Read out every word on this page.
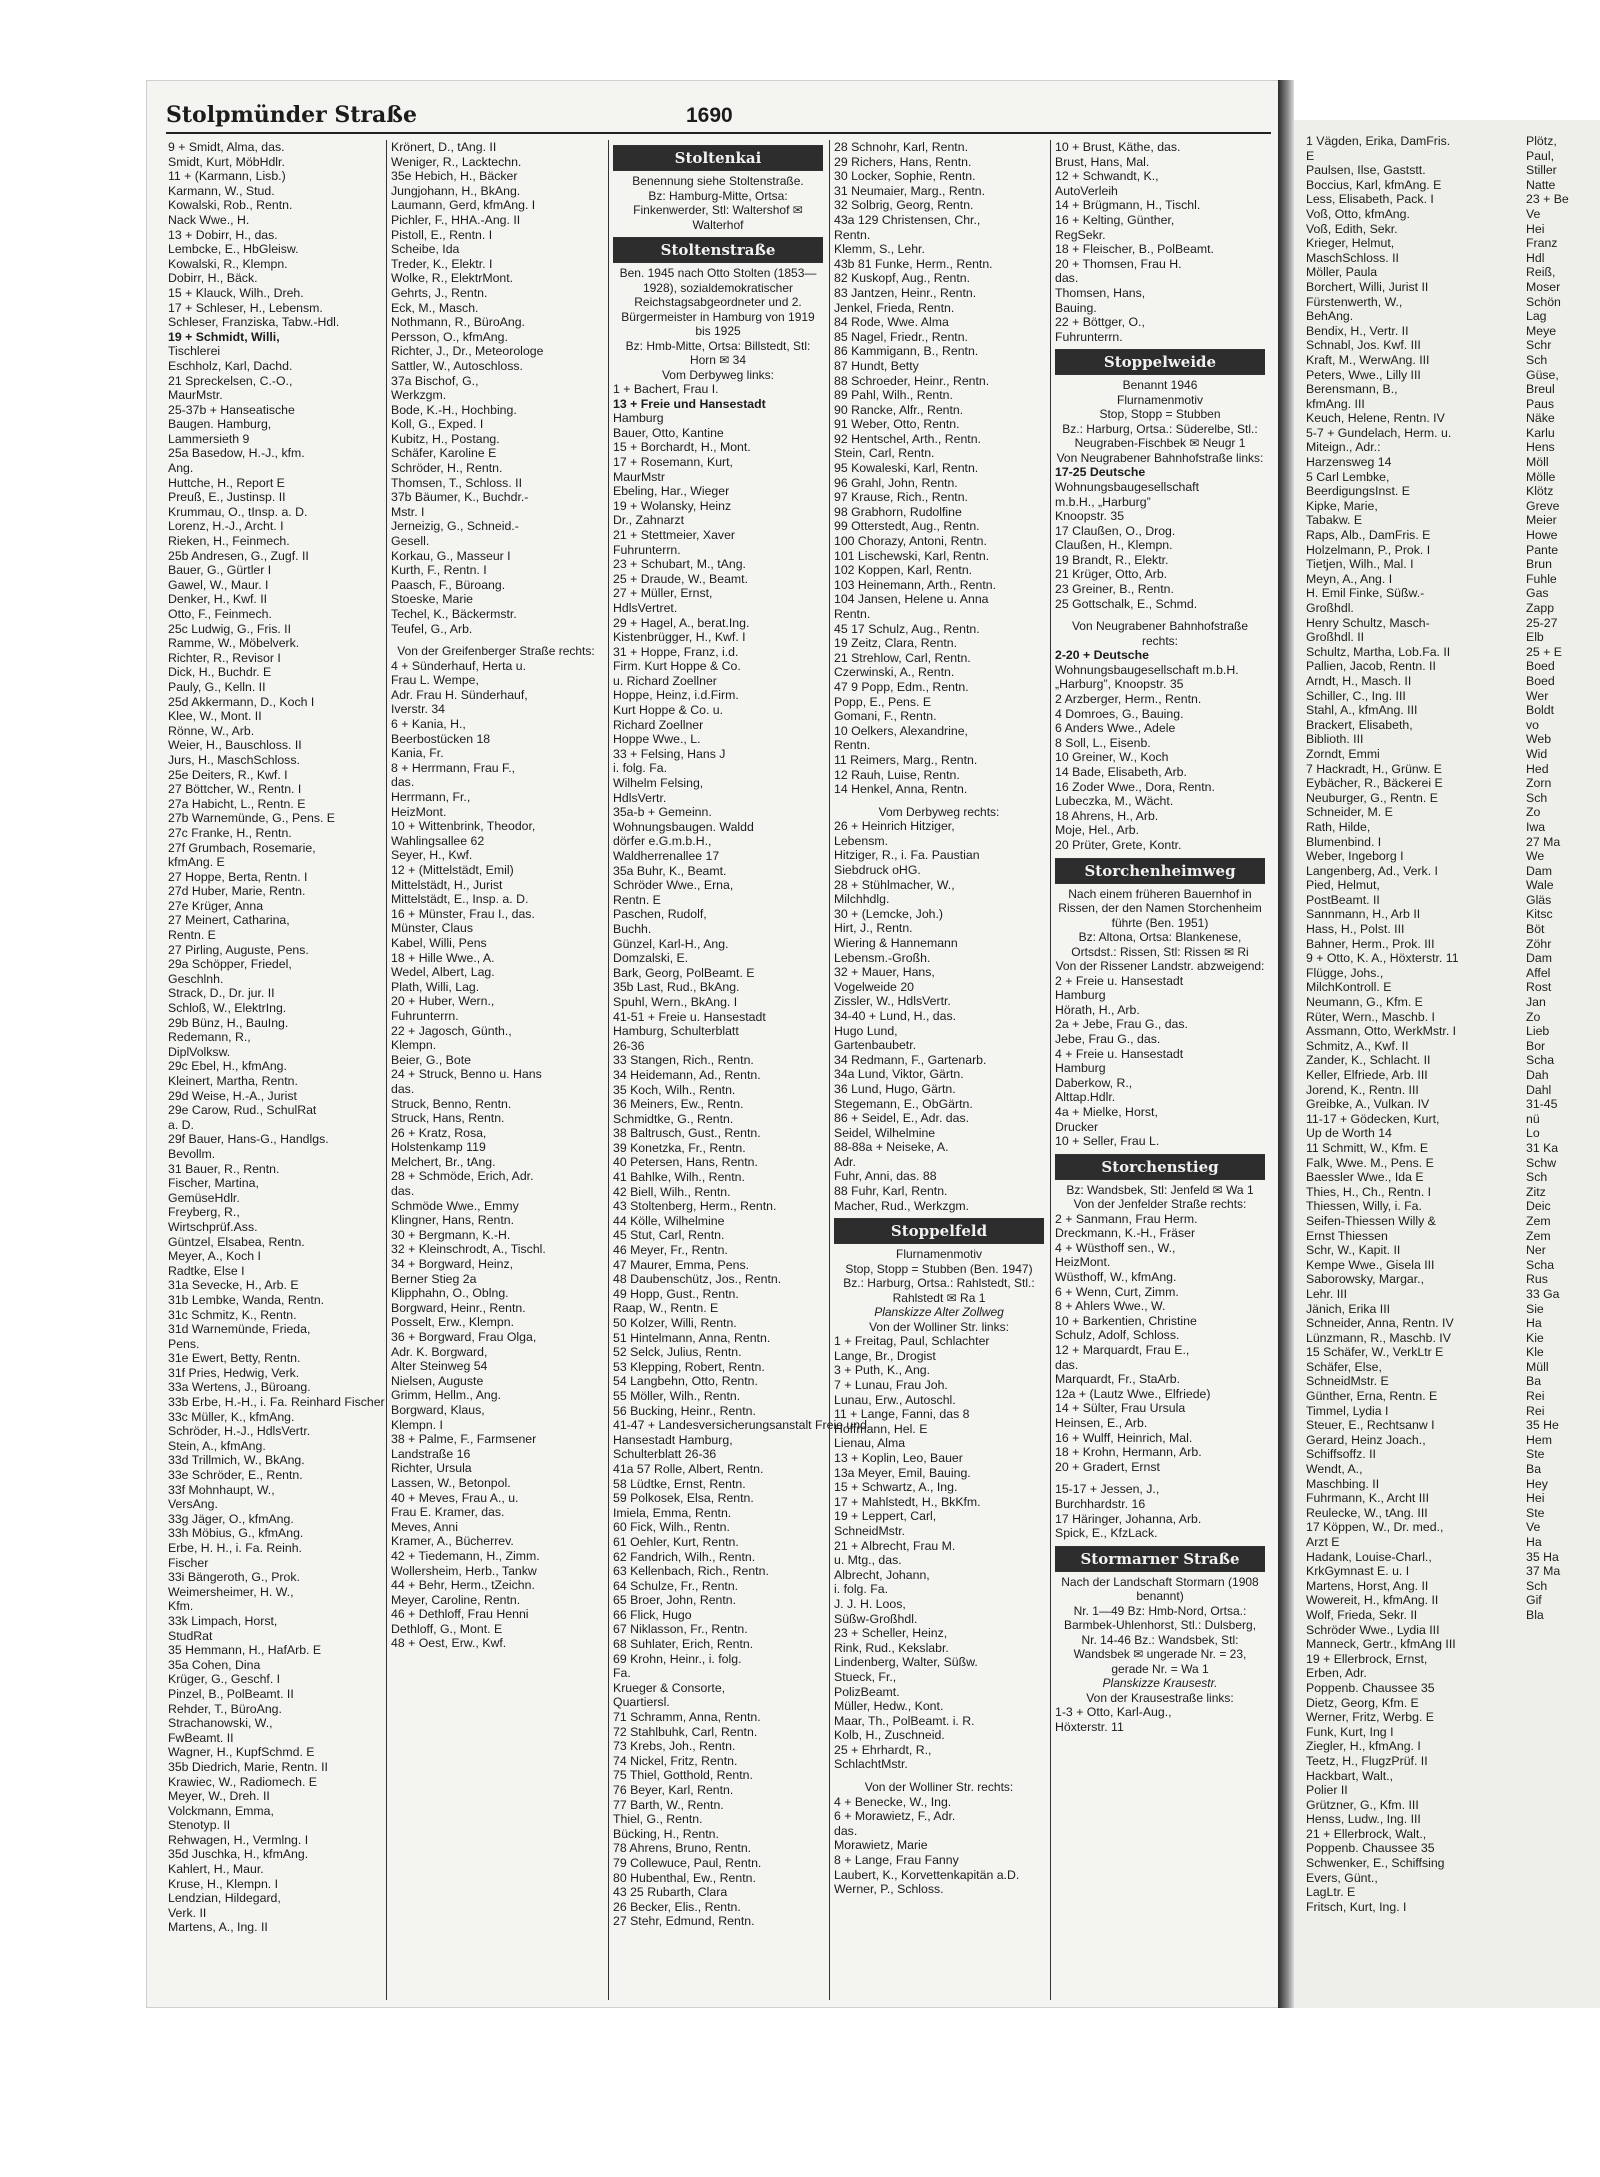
Stolpmünder Straße	1690
9 + Smidt, Alma, das.
Smidt, Kurt, MöbHdlr.
11 + (Karmann, Lisb.)
Karmann, W., Stud.
Kowalski, Rob., Rentn.
Nack Wwe., H.
13 + Dobirr, H., das.
Lembcke, E., HbGleisw.
Kowalski, R., Klempn.
Dobirr, H., Bäck.
15 + Klauck, Wilh., Dreh.
17 + Schleser, H., Lebensm.
Schleser, Franziska, Tabw.-Hdl.
19 + Schmidt, Willi,
Tischlerei
Eschholz, Karl, Dachd.
21 Spreckelsen, C.-O.,
MaurMstr.
25-37b + Hanseatische
Baugen. Hamburg,
Lammersieth 9
25a Basedow, H.-J., kfm.
Ang.
Huttche, H., Report E
Preuß, E., Justinsp. II
Krummau, O., tInsp. a. D.
Lorenz, H.-J., Archt. I
Rieken, H., Feinmech.
25b Andresen, G., Zugf. II
Bauer, G., Gürtler I
Gawel, W., Maur. I
Denker, H., Kwf. II
Otto, F., Feinmech.
25c Ludwig, G., Fris. II
Ramme, W., Möbelverk.
Richter, R., Revisor I
Dick, H., Buchdr. E
Pauly, G., Kelln. II
25d Akkermann, D., Koch I
Klee, W., Mont. II
Rönne, W., Arb.
Weier, H., Bauschloss. II
Jurs, H., MaschSchloss.
25e Deiters, R., Kwf. I
27 Böttcher, W., Rentn. I
27a Habicht, L., Rentn. E
27b Warnemünde, G., Pens. E
27c Franke, H., Rentn.
27f Grumbach, Rosemarie,
kfmAng. E
27 Hoppe, Berta, Rentn. I
27d Huber, Marie, Rentn.
27e Krüger, Anna
27 Meinert, Catharina,
Rentn. E
27 Pirling, Auguste, Pens.
29a Schöpper, Friedel,
Geschlnh.
Strack, D., Dr. jur. II
Schloß, W., ElektrIng.
29b Bünz, H., BauIng.
Redemann, R.,
DiplVolksw.
29c Ebel, H., kfmAng.
Kleinert, Martha, Rentn.
29d Weise, H.-A., Jurist
29e Carow, Rud., SchulRat
a. D.
29f Bauer, Hans-G., Handlgs.
Bevollm.
31 Bauer, R., Rentn.
Fischer, Martina,
GemüseHdlr.
Freyberg, R.,
Wirtschprüf.Ass.
Güntzel, Elsabea, Rentn.
Meyer, A., Koch I
Radtke, Else I
31a Sevecke, H., Arb. E
31b Lembke, Wanda, Rentn.
31c Schmitz, K., Rentn.
31d Warnemünde, Frieda,
Pens.
31e Ewert, Betty, Rentn.
31f Pries, Hedwig, Verk.
33a Wertens, J., Büroang.
33b Erbe, H.-H., i. Fa. Reinhard Fischer
33c Müller, K., kfmAng.
Schröder, H.-J., HdlsVertr.
Stein, A., kfmAng.
33d Trillmich, W., BkAng.
33e Schröder, E., Rentn.
33f Mohnhaupt, W.,
VersAng.
33g Jäger, O., kfmAng.
33h Möbius, G., kfmAng.
Erbe, H. H., i. Fa. Reinh.
Fischer
33i Bängeroth, G., Prok.
Weimersheimer, H. W.,
Kfm.
33k Limpach, Horst,
StudRat
35 Hemmann, H., HafArb. E
35a Cohen, Dina
Krüger, G., Geschf. I
Pinzel, B., PolBeamt. II
Rehder, T., BüroAng.
Strachanowski, W.,
FwBeamt. II
Wagner, H., KupfSchmd. E
35b Diedrich, Marie, Rentn. II
Krawiec, W., Radiomech. E
Meyer, W., Dreh. II
Volckmann, Emma,
Stenotyp. II
Rehwagen, H., Vermlng. I
35d Juschka, H., kfmAng.
Kahlert, H., Maur.
Kruse, H., Klempn. I
Lendzian, Hildegard,
Verk. II
Martens, A., Ing. II
Krönert, D., tAng. II
Weniger, R., Lacktechn.
35e Hebich, H., Bäcker
Jungjohann, H., BkAng.
Laumann, Gerd, kfmAng. I
Pichler, F., HHA.-Ang. II
Pistoll, E., Rentn. I
Scheibe, Ida
Treder, K., Elektr. I
Wolke, R., ElektrMont.
Gehrts, J., Rentn.
Eck, M., Masch.
Nothmann, R., BüroAng.
Persson, O., kfmAng.
Richter, J., Dr., Meteorologe
Sattler, W., Autoschloss.
37a Bischof, G.,
Werkzgm.
Bode, K.-H., Hochbing.
Koll, G., Exped. I
Kubitz, H., Postang.
Schäfer, Karoline E
Schröder, H., Rentn.
Thomsen, T., Schloss. II
37b Bäumer, K., Buchdr.-
Mstr. I
Jerneizig, G., Schneid.-
Gesell.
Korkau, G., Masseur I
Kurth, F., Rentn. I
Paasch, F., Büroang.
Stoeske, Marie
Techel, K., Bäckermstr.
Teufel, G., Arb.
Von der Greifenberger Straße rechts:
4 + Sünderhauf, Herta u.
Frau L. Wempe,
Adr. Frau H. Sünderhauf,
Iverstr. 34
6 + Kania, H.,
Beerbostücken 18
Kania, Fr.
8 + Herrmann, Frau F.,
das.
Herrmann, Fr.,
HeizMont.
10 + Wittenbrink, Theodor,
Wahlingsallee 62
Seyer, H., Kwf.
12 + (Mittelstädt, Emil)
Mittelstädt, H., Jurist
Mittelstädt, E., Insp. a. D.
16 + Münster, Frau I., das.
Münster, Claus
Kabel, Willi, Pens
18 + Hille Wwe., A.
Wedel, Albert, Lag.
Plath, Willi, Lag.
20 + Huber, Wern.,
Fuhrunterrn.
22 + Jagosch, Günth.,
Klempn.
Beier, G., Bote
24 + Struck, Benno u. Hans
das.
Struck, Benno, Rentn.
Struck, Hans, Rentn.
26 + Kratz, Rosa,
Holstenkamp 119
Melchert, Br., tAng.
28 + Schmöde, Erich, Adr.
das.
Schmöde Wwe., Emmy
Klingner, Hans, Rentn.
30 + Bergmann, K.-H.
32 + Kleinschrodt, A., Tischl.
34 + Borgward, Heinz,
Berner Stieg 2a
Klipphahn, O., Oblng.
Borgward, Heinr., Rentn.
Posselt, Erw., Klempn.
36 + Borgward, Frau Olga,
Adr. K. Borgward,
Alter Steinweg 54
Nielsen, Auguste
Grimm, Hellm., Ang.
Borgward, Klaus,
Klempn. I
38 + Palme, F., Farmsener
Landstraße 16
Richter, Ursula
Lassen, W., Betonpol.
40 + Meves, Frau A., u.
Frau E. Kramer, das.
Meves, Anni
Kramer, A., Bücherrev.
42 + Tiedemann, H., Zimm.
Wollersheim, Herb., Tankw
44 + Behr, Herm., tZeichn.
Meyer, Caroline, Rentn.
46 + Dethloff, Frau Henni
Dethloff, G., Mont. E
48 + Oest, Erw., Kwf.
Stoltenkai
Benennung siehe Stoltenstraße.
Bz: Hamburg-Mitte, Ortsa: Finkenwerder, Stl: Waltershof ✉ Walterhof
Stoltenstraße
Ben. 1945 nach Otto Stolten (1853—1928), sozialdemokratischer Reichstagsabgeordneter und 2. Bürgermeister in Hamburg von 1919 bis 1925
Bz: Hmb-Mitte, Ortsa: Billstedt, Stl: Horn ✉ 34
Vom Derbyweg links:
1 + Bachert, Frau I.
13 + Freie und Hansestadt
Hamburg
Bauer, Otto, Kantine
15 + Borchardt, H., Mont.
17 + Rosemann, Kurt,
MaurMstr
Ebeling, Har., Wieger
19 + Wolansky, Heinz
Dr., Zahnarzt
21 + Stettmeier, Xaver
Fuhrunterrn.
23 + Schubart, M., tAng.
25 + Draude, W., Beamt.
27 + Müller, Ernst,
HdlsVertret.
29 + Hagel, A., berat.Ing.
Kistenbrügger, H., Kwf. I
31 + Hoppe, Franz, i.d.
Firm. Kurt Hoppe & Co.
u. Richard Zoellner
Hoppe, Heinz, i.d.Firm.
Kurt Hoppe & Co. u.
Richard Zoellner
Hoppe Wwe., L.
33 + Felsing, Hans J
i. folg. Fa.
Wilhelm Felsing,
HdlsVertr.
35a-b + Gemeinn.
Wohnungsbaugen. Waldd
dörfer e.G.m.b.H.,
Waldherrenallee 17
35a Buhr, K., Beamt.
Schröder Wwe., Erna,
Rentn. E
Paschen, Rudolf,
Buchh.
Günzel, Karl-H., Ang.
Domzalski, E.
Bark, Georg, PolBeamt. E
35b Last, Rud., BkAng.
Spuhl, Wern., BkAng. I
41-51 + Freie u. Hansestadt
Hamburg, Schulterblatt
26-36
33 Stangen, Rich., Rentn.
34 Heidemann, Ad., Rentn.
35 Koch, Wilh., Rentn.
36 Meiners, Ew., Rentn.
Schmidtke, G., Rentn.
38 Baltrusch, Gust., Rentn.
39 Konetzka, Fr., Rentn.
40 Petersen, Hans, Rentn.
41 Bahlke, Wilh., Rentn.
42 Biell, Wilh., Rentn.
43 Stoltenberg, Herm., Rentn.
44 Kölle, Wilhelmine
45 Stut, Carl, Rentn.
46 Meyer, Fr., Rentn.
47 Maurer, Emma, Pens.
48 Daubenschütz, Jos., Rentn.
49 Hopp, Gust., Rentn.
Raap, W., Rentn. E
50 Kolzer, Willi, Rentn.
51 Hintelmann, Anna, Rentn.
52 Selck, Julius, Rentn.
53 Klepping, Robert, Rentn.
54 Langbehn, Otto, Rentn.
55 Möller, Wilh., Rentn.
56 Bucking, Heinr., Rentn.
41-47 + Landesversicherungsanstalt Freie und
Hansestadt Hamburg,
Schulterblatt 26-36
41a 57 Rolle, Albert, Rentn.
58 Lüdtke, Ernst, Rentn.
59 Polkosek, Elsa, Rentn.
Imiela, Emma, Rentn.
60 Fick, Wilh., Rentn.
61 Oehler, Kurt, Rentn.
62 Fandrich, Wilh., Rentn.
63 Kellenbach, Rich., Rentn.
64 Schulze, Fr., Rentn.
65 Broer, John, Rentn.
66 Flick, Hugo
67 Niklasson, Fr., Rentn.
68 Suhlater, Erich, Rentn.
69 Krohn, Heinr., i. folg.
Fa.
Krueger & Consorte,
Quartiersl.
71 Schramm, Anna, Rentn.
72 Stahlbuhk, Carl, Rentn.
73 Krebs, Joh., Rentn.
74 Nickel, Fritz, Rentn.
75 Thiel, Gotthold, Rentn.
76 Beyer, Karl, Rentn.
77 Barth, W., Rentn.
Thiel, G., Rentn.
Bücking, H., Rentn.
78 Ahrens, Bruno, Rentn.
79 Collewuce, Paul, Rentn.
80 Hubenthal, Ew., Rentn.
43 25 Rubarth, Clara
26 Becker, Elis., Rentn.
27 Stehr, Edmund, Rentn.
28 Schnohr, Karl, Rentn.
29 Richers, Hans, Rentn.
30 Locker, Sophie, Rentn.
31 Neumaier, Marg., Rentn.
32 Solbrig, Georg, Rentn.
43a 129 Christensen, Chr.,
Rentn.
Klemm, S., Lehr.
43b 81 Funke, Herm., Rentn.
82 Kuskopf, Aug., Rentn.
83 Jantzen, Heinr., Rentn.
Jenkel, Frieda, Rentn.
84 Rode, Wwe. Alma
85 Nagel, Friedr., Rentn.
86 Kammigann, B., Rentn.
87 Hundt, Betty
88 Schroeder, Heinr., Rentn.
89 Pahl, Wilh., Rentn.
90 Rancke, Alfr., Rentn.
91 Weber, Otto, Rentn.
92 Hentschel, Arth., Rentn.
Stein, Carl, Rentn.
95 Kowaleski, Karl, Rentn.
96 Grahl, John, Rentn.
97 Krause, Rich., Rentn.
98 Grabhorn, Rudolfine
99 Otterstedt, Aug., Rentn.
100 Chorazy, Antoni, Rentn.
101 Lischewski, Karl, Rentn.
102 Koppen, Karl, Rentn.
103 Heinemann, Arth., Rentn.
104 Jansen, Helene u. Anna
Rentn.
45 17 Schulz, Aug., Rentn.
19 Zeitz, Clara, Rentn.
21 Strehlow, Carl, Rentn.
Czerwinski, A., Rentn.
47 9 Popp, Edm., Rentn.
Popp, E., Pens. E
Gomani, F., Rentn.
10 Oelkers, Alexandrine,
Rentn.
11 Reimers, Marg., Rentn.
12 Rauh, Luise, Rentn.
14 Henkel, Anna, Rentn.
Vom Derbyweg rechts:
26 + Heinrich Hitziger,
Lebensm.
Hitziger, R., i. Fa. Paustian
Siebdruck oHG.
28 + Stühlmacher, W.,
Milchhdlg.
30 + (Lemcke, Joh.)
Hirt, J., Rentn.
Wiering & Hannemann
Lebensm.-Großh.
32 + Mauer, Hans,
Vogelweide 20
Zissler, W., HdlsVertr.
34-40 + Lund, H., das.
Hugo Lund,
Gartenbaubetr.
34 Redmann, F., Gartenarb.
34a Lund, Viktor, Gärtn.
36 Lund, Hugo, Gärtn.
Stegemann, E., ObGärtn.
86 + Seidel, E., Adr. das.
Seidel, Wilhelmine
88-88a + Neiseke, A.
Adr.
Fuhr, Anni, das. 88
88 Fuhr, Karl, Rentn.
Macher, Rud., Werkzgm.
Stoppelfeld
Flurnamenmotiv
Stop, Stopp = Stubben (Ben. 1947)
Bz.: Harburg, Ortsa.: Rahlstedt, Stl.: Rahlstedt ✉ Ra 1
Planskizze Alter Zollweg
Von der Wolliner Str. links:
1 + Freitag, Paul, Schlachter
Lange, Br., Drogist
3 + Puth, K., Ang.
7 + Lunau, Frau Joh.
Lunau, Erw., Autoschl.
11 + Lange, Fanni, das 8
Hoffmann, Hel. E
Lienau, Alma
13 + Koplin, Leo, Bauer
13a Meyer, Emil, Bauing.
15 + Schwartz, A., Ing.
17 + Mahlstedt, H., BkKfm.
19 + Leppert, Carl,
SchneidMstr.
21 + Albrecht, Frau M.
u. Mtg., das.
Albrecht, Johann,
i. folg. Fa.
J. J. H. Loos,
Süßw-Großhdl.
23 + Scheller, Heinz,
Rink, Rud., Kekslabr.
Lindenberg, Walter, Süßw.
Stueck, Fr.,
PolizBeamt.
Müller, Hedw., Kont.
Maar, Th., PolBeamt. i. R.
Kolb, H., Zuschneid.
25 + Ehrhardt, R.,
SchlachtMstr.
Von der Wolliner Str. rechts:
4 + Benecke, W., Ing.
6 + Morawietz, F., Adr.
das.
Morawietz, Marie
8 + Lange, Frau Fanny
Laubert, K., Korvettenkapitän a.D.
Werner, P., Schloss.
10 + Brust, Käthe, das.
Brust, Hans, Mal.
12 + Schwandt, K.,
AutoVerleih
14 + Brügmann, H., Tischl.
16 + Kelting, Günther,
RegSekr.
18 + Fleischer, B., PolBeamt.
20 + Thomsen, Frau H.
das.
Thomsen, Hans,
Bauing.
22 + Böttger, O.,
Fuhrunterrn.
Stoppelweide
Benannt 1946
Flurnamenmotiv
Stop, Stopp = Stubben
Bz.: Harburg, Ortsa.: Süderelbe, Stl.: Neugraben-Fischbek ✉ Neugr 1
Von Neugrabener Bahnhofstraße links:
17-25 Deutsche
Wohnungsbaugesellschaft
m.b.H., „Harburg”
Knoopstr. 35
17 Claußen, O., Drog.
Claußen, H., Klempn.
19 Brandt, R., Elektr.
21 Krüger, Otto, Arb.
23 Greiner, B., Rentn.
25 Gottschalk, E., Schmd.
Von Neugrabener Bahnhofstraße rechts:
2-20 + Deutsche
Wohnungsbaugesellschaft m.b.H.
„Harburg”, Knoopstr. 35
2 Arzberger, Herm., Rentn.
4 Domroes, G., Bauing.
6 Anders Wwe., Adele
8 Soll, L., Eisenb.
10 Greiner, W., Koch
14 Bade, Elisabeth, Arb.
16 Zoder Wwe., Dora, Rentn.
Lubeczka, M., Wächt.
18 Ahrens, H., Arb.
Moje, Hel., Arb.
20 Prüter, Grete, Kontr.
Storchenheimweg
Nach einem früheren Bauernhof in Rissen, der den Namen Storchenheim führte (Ben. 1951)
Bz: Altona, Ortsa: Blankenese, Ortsdst.: Rissen, Stl: Rissen ✉ Ri
Von der Rissener Landstr. abzweigend:
2 + Freie u. Hansestadt
Hamburg
Hörath, H., Arb.
2a + Jebe, Frau G., das.
Jebe, Frau G., das.
4 + Freie u. Hansestadt
Hamburg
Daberkow, R.,
Alttap.Hdlr.
4a + Mielke, Horst,
Drucker
10 + Seller, Frau L.
Storchenstieg
Bz: Wandsbek, Stl: Jenfeld ✉ Wa 1
Von der Jenfelder Straße rechts:
2 + Sanmann, Frau Herm.
Dreckmann, K.-H., Fräser
4 + Wüsthoff sen., W.,
HeizMont.
Wüsthoff, W., kfmAng.
6 + Wenn, Curt, Zimm.
8 + Ahlers Wwe., W.
10 + Barkentien, Christine
Schulz, Adolf, Schloss.
12 + Marquardt, Frau E.,
das.
Marquardt, Fr., StaArb.
12a + (Lautz Wwe., Elfriede)
14 + Sülter, Frau Ursula
Heinsen, E., Arb.
16 + Wulff, Heinrich, Mal.
18 + Krohn, Hermann, Arb.
20 + Gradert, Ernst
15-17 + Jessen, J.,
Burchhardstr. 16
17 Häringer, Johanna, Arb.
Spick, E., KfzLack.
Stormarner Straße
Nach der Landschaft Stormarn (1908 benannt)
Nr. 1—49 Bz: Hmb-Nord, Ortsa.: Barmbek-Uhlenhorst, Stl.: Dulsberg, Nr. 14-46 Bz.: Wandsbek, Stl: Wandsbek ✉ ungerade Nr. = 23, gerade Nr. = Wa 1
Planskizze Krausestr.
Von der Krausestraße links:
1-3 + Otto, Karl-Aug.,
Höxterstr. 11
1 Vägden, Erika, DamFris.
E
Paulsen, Ilse, Gaststt.
Boccius, Karl, kfmAng. E
Less, Elisabeth, Pack. I
Voß, Otto, kfmAng.
Voß, Edith, Sekr.
Krieger, Helmut,
MaschSchloss. II
Möller, Paula
Borchert, Willi, Jurist II
Fürstenwerth, W.,
BehAng.
Bendix, H., Vertr. II
Schnabl, Jos. Kwf. III
Kraft, M., WerwAng. III
Peters, Wwe., Lilly III
Berensmann, B.,
kfmAng. III
Keuch, Helene, Rentn. IV
5-7 + Gundelach, Herm. u.
Miteign., Adr.:
Harzensweg 14
5 Carl Lembke,
BeerdigungsInst. E
Kipke, Marie,
Tabakw. E
Raps, Alb., DamFris. E
Holzelmann, P., Prok. I
Tietjen, Wilh., Mal. I
Meyn, A., Ang. I
H. Emil Finke, Süßw.-
Großhdl.
Henry Schultz, Masch-
Großhdl. II
Schultz, Martha, Lob.Fa. II
Pallien, Jacob, Rentn. II
Arndt, H., Masch. II
Schiller, C., Ing. III
Stahl, A., kfmAng. III
Brackert, Elisabeth,
Biblioth. III
Zorndt, Emmi
7 Hackradt, H., Grünw. E
Eybächer, R., Bäckerei E
Neuburger, G., Rentn. E
Schneider, M. E
Rath, Hilde,
Blumenbind. I
Weber, Ingeborg I
Langenberg, Ad., Verk. I
Pied, Helmut,
PostBeamt. II
Sannmann, H., Arb II
Hass, H., Polst. III
Bahner, Herm., Prok. III
9 + Otto, K. A., Höxterstr. 11
Flügge, Johs.,
MilchKontroll. E
Neumann, G., Kfm. E
Rüter, Wern., Maschb. I
Assmann, Otto, WerkMstr. I
Schmitz, A., Kwf. II
Zander, K., Schlacht. II
Keller, Elfriede, Arb. III
Jorend, K., Rentn. III
Greibke, A., Vulkan. IV
11-17 + Gödecken, Kurt,
Up de Worth 14
11 Schmitt, W., Kfm. E
Falk, Wwe. M., Pens. E
Baessler Wwe., Ida E
Thies, H., Ch., Rentn. I
Thiessen, Willy, i. Fa.
Seifen-Thiessen Willy &
Ernst Thiessen
Schr, W., Kapit. II
Kempe Wwe., Gisela III
Saborowsky, Margar.,
Lehr. III
Jänich, Erika III
Schneider, Anna, Rentn. IV
Lünzmann, R., Maschb. IV
15 Schäfer, W., VerkLtr E
Schäfer, Else,
SchneidMstr. E
Günther, Erna, Rentn. E
Timmel, Lydia I
Steuer, E., Rechtsanw I
Gerard, Heinz Joach.,
Schiffsoffz. II
Wendt, A.,
Maschbing. II
Fuhrmann, K., Archt III
Reulecke, W., tAng. III
17 Köppen, W., Dr. med.,
Arzt E
Hadank, Louise-Charl.,
KrkGymnast E. u. I
Martens, Horst, Ang. II
Wowereit, H., kfmAng. II
Wolf, Frieda, Sekr. II
Schröder Wwe., Lydia III
Manneck, Gertr., kfmAng III
19 + Ellerbrock, Ernst,
Erben, Adr.
Poppenb. Chaussee 35
Dietz, Georg, Kfm. E
Werner, Fritz, Werbg. E
Funk, Kurt, Ing I
Ziegler, H., kfmAng. I
Teetz, H., FlugzPrüf. II
Hackbart, Walt.,
Polier II
Grützner, G., Kfm. III
Henss, Ludw., Ing. III
21 + Ellerbrock, Walt.,
Poppenb. Chaussee 35
Schwenker, E., Schiffsing
Evers, Günt.,
LagLtr. E
Fritsch, Kurt, Ing. I
Plötz,
Paul,
Stiller
Natte
23 + Be
Ve
Hei
Franz
Hdl
Reiß,
Moser
Schön
Lag
Meye
Schr
Sch
Güse,
Breul
Paus
Näke
Karlu
Hens
Möll
Mölle
Klötz
Greve
Meier
Howe
Pante
Brun
Fuhle
Gas
Zapp
25-27
Elb
25 + E
Boed
Boed
Wer
Boldt
vo
Web
Wid
Hed
Zorn
Sch
Zo
Iwa
27 Ma
We
Dam
Wale
Gläs
Kitsc
Böt
Zöhr
Dam
Affel
Rost
Jan
Zo
Lieb
Bor
Scha
Dah
Dahl
31-45
nü
Lo
31 Ka
Schw
Sch
Zitz
Deic
Zem
Zem
Ner
Scha
Rus
33 Ga
Sie
Ha
Kie
Kle
Müll
Ba
Rei
Rei
35 He
Hem
Ste
Ba
Hey
Hei
Ste
Ve
Ha
35 Ha
37 Ma
Sch
Gif
Bla
